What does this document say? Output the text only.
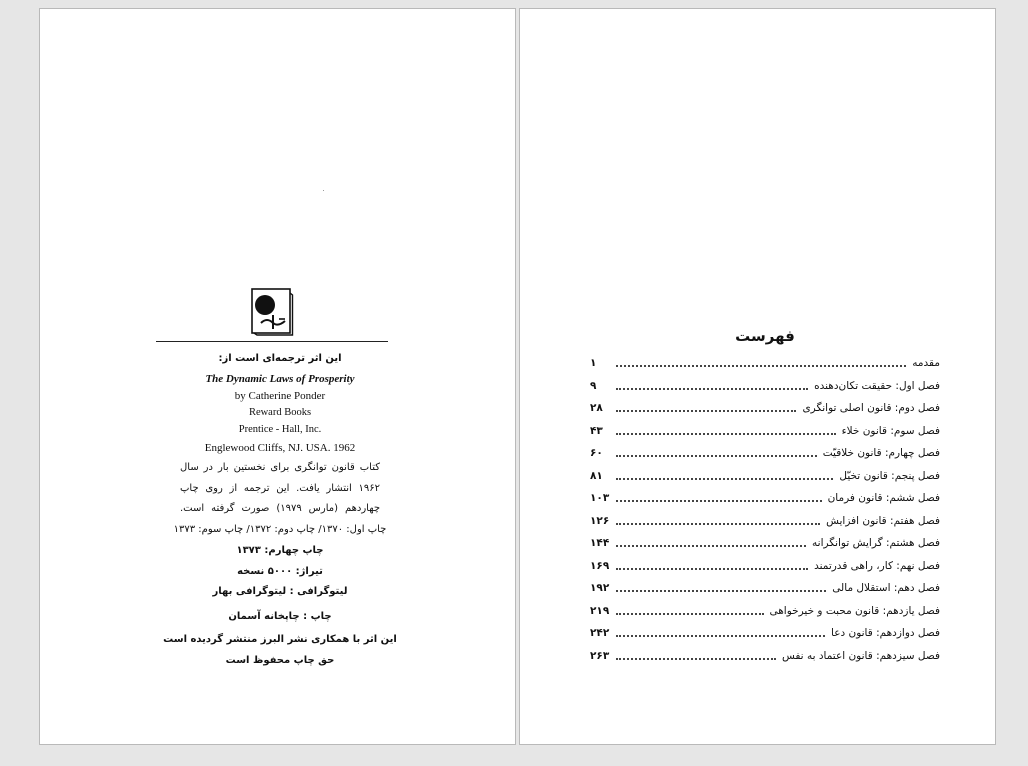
این اثر ترجمه‌ای است از:
The Dynamic Laws of Prosperity
by Catherine Ponder
Reward Books
Prentice - Hall, Inc.
Englewood Cliffs, NJ. USA. 1962
کتاب قانون توانگری برای نخستین بار در سال
۱۹۶۲ انتشار یافت. این ترجمه از روی چاپ
چهاردهم (مارس ۱۹۷۹) صورت گرفته است.
چاپ اول: ۱۳۷۰/ چاپ دوم: ۱۳۷۲/ چاپ سوم: ۱۳۷۳
چاپ چهارم: ۱۳۷۳
تیراژ: ۵۰۰۰ نسخه
لیتوگرافی : لیتوگرافی بهار
چاپ : چاپخانه آسمان
این اثر با همکاری نشر البرز منتشر گردیده است
حق چاپ محفوظ است
فهرست
مقدمه
۱
فصل اول: حقیقت تکان‌دهنده
۹
فصل دوم: قانون اصلی توانگری
۲۸
فصل سوم: قانون خلاء
۴۳
فصل چهارم: قانون خلاقیّت
۶۰
فصل پنجم: قانون تخیّل
۸۱
فصل ششم: قانون فرمان
۱۰۳
فصل هفتم: قانون افزایش
۱۲۶
فصل هشتم: گرایش توانگرانه
۱۴۴
فصل نهم: کار، راهی قدرتمند
۱۶۹
فصل دهم: استقلال مالی
۱۹۲
فصل یازدهم: قانون محبت و خیرخواهی
۲۱۹
فصل دوازدهم: قانون دعا
۲۴۲
فصل سیزدهم: قانون اعتماد به نفس
۲۶۳
